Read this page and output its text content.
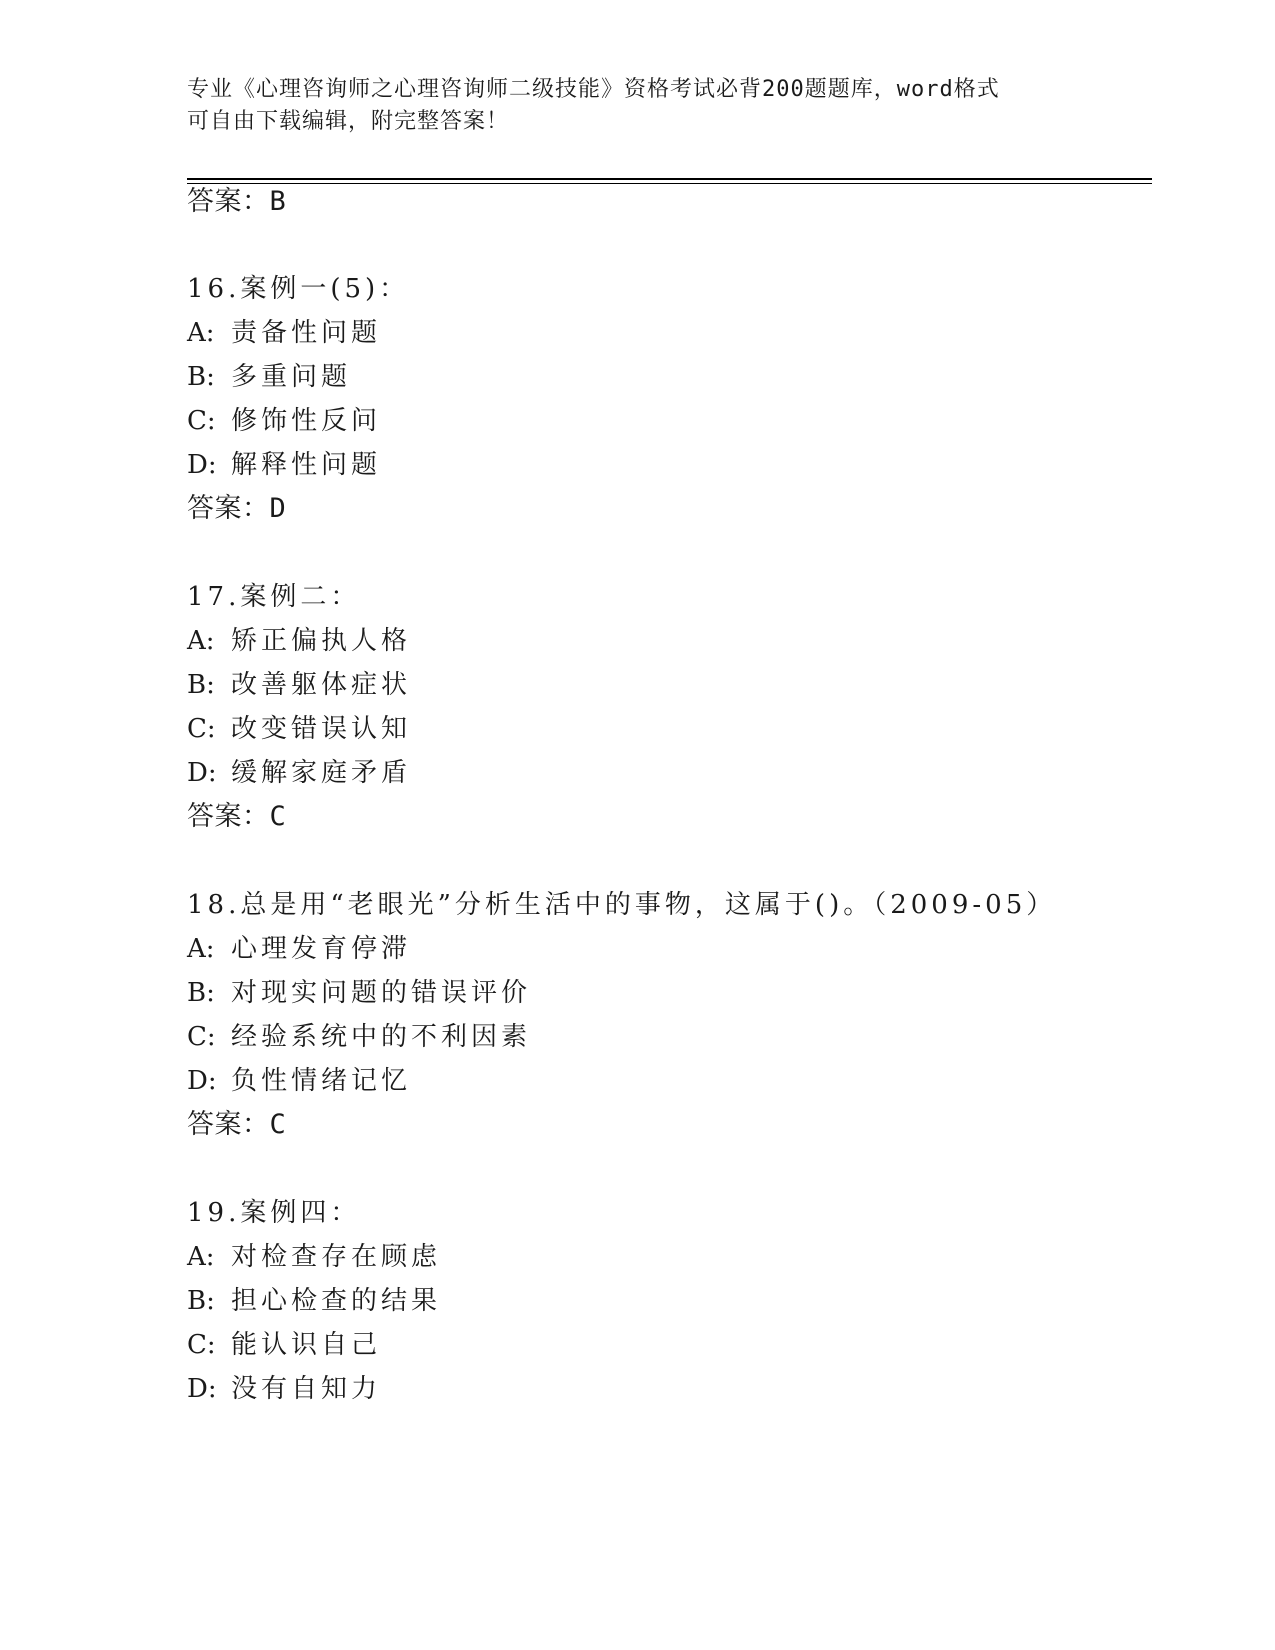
专业《心理咨询师之心理咨询师二级技能》资格考试必背200题题库，word格式
可自由下载编辑，附完整答案！
答案：B
16.案例一(5)：
A: 责备性问题
B: 多重问题
C: 修饰性反问
D: 解释性问题
答案：D
17.案例二：
A: 矫正偏执人格
B: 改善躯体症状
C: 改变错误认知
D: 缓解家庭矛盾
答案：C
18.总是用“老眼光”分析生活中的事物，这属于()。（2009-05）
A: 心理发育停滞
B: 对现实问题的错误评价
C: 经验系统中的不利因素
D: 负性情绪记忆
答案：C
19.案例四：
A: 对检查存在顾虑
B: 担心检查的结果
C: 能认识自己
D: 没有自知力
